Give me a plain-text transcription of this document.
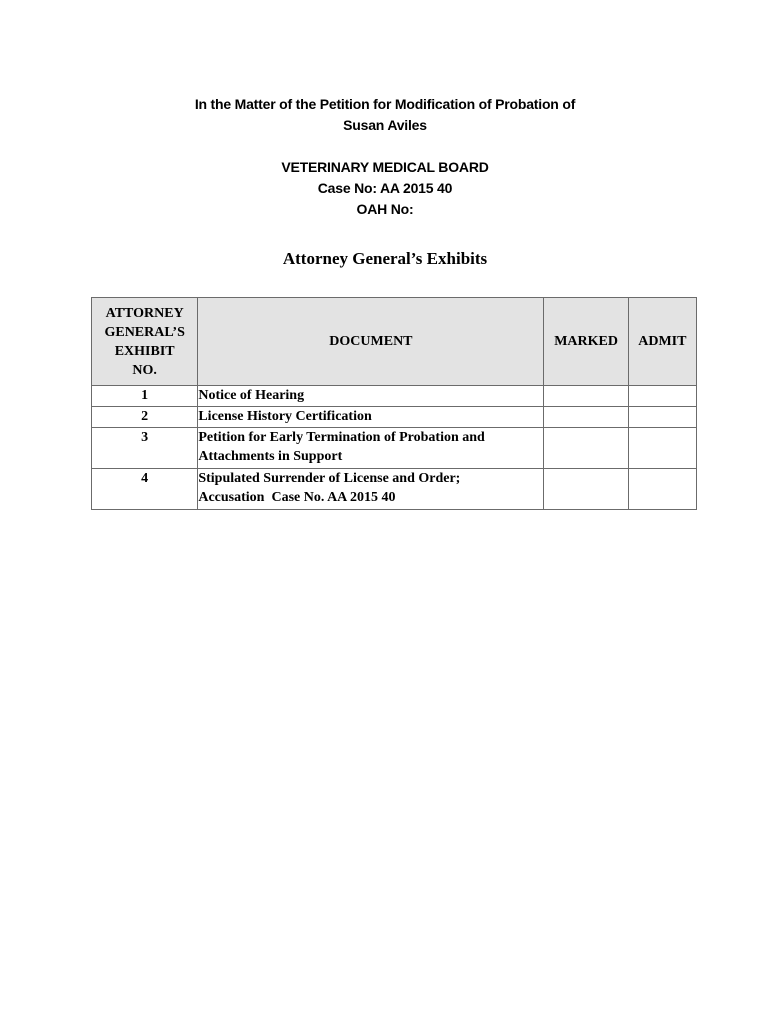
In the Matter of the Petition for Modification of Probation of
Susan Aviles
VETERINARY MEDICAL BOARD
Case No: AA 2015 40
OAH No:
Attorney General’s Exhibits
ATTORNEY
GENERAL’S
EXHIBIT
NO.	DOCUMENT	MARKED	ADMIT
1	Notice of Hearing		

2	License History Certification		

3	Petition for Early Termination of Probation and
Attachments in Support		

4	Stipulated Surrender of License and Order;
Accusation  Case No. AA 2015 40		
